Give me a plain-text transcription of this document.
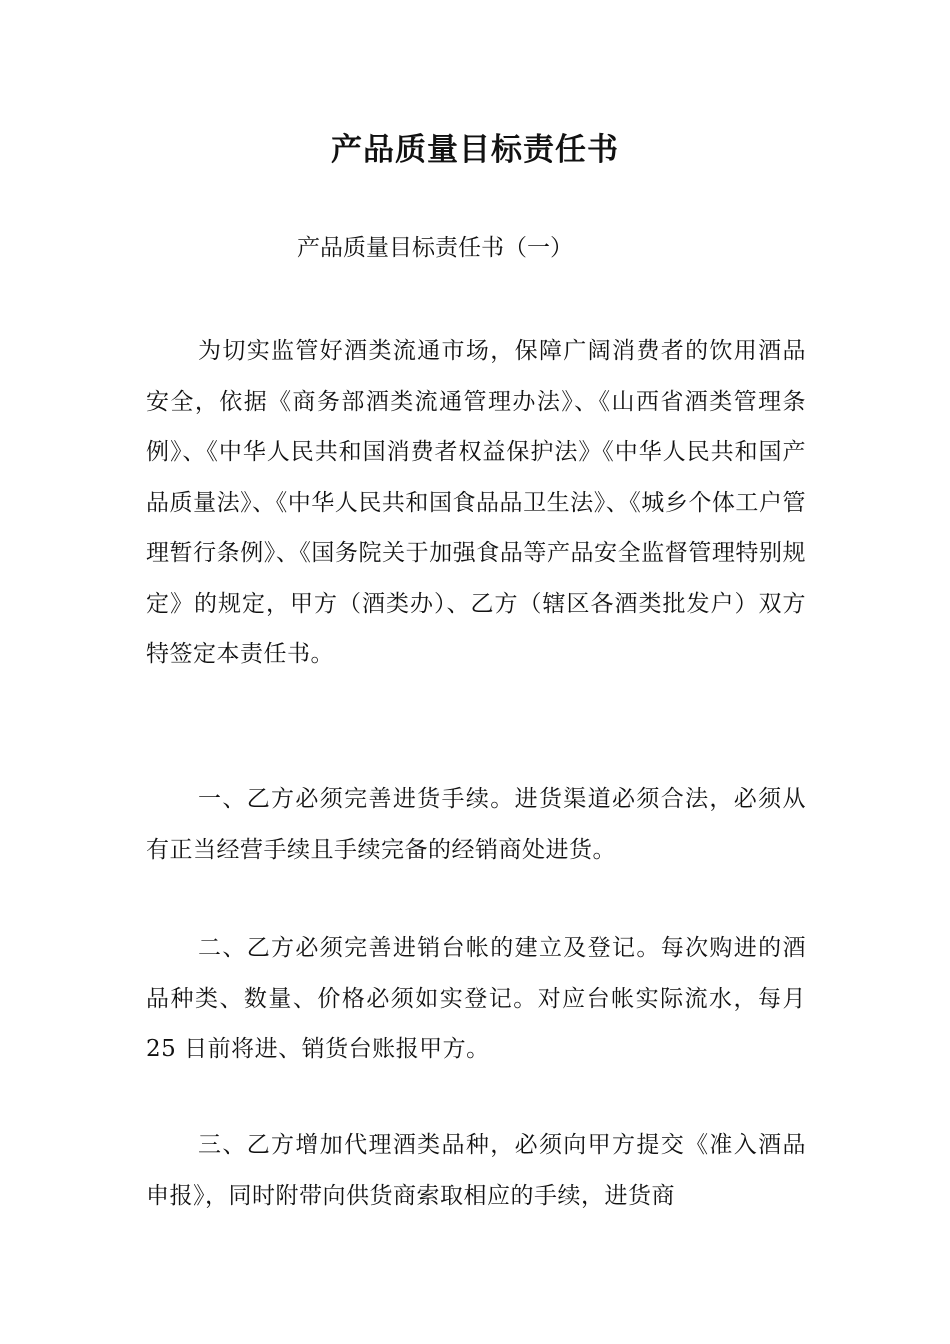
产品质量目标责任书
产品质量目标责任书（一）

为切实监管好酒类流通市场，保障广阔消费者的饮用酒品安全，依据《商务部酒类流通管理办法》、《山西省酒类管理条例》、《中华人民共和国消费者权益保护法》《中华人民共和国产品质量法》、《中华人民共和国食品品卫生法》、《城乡个体工户管理暂行条例》、《国务院关于加强食品等产品安全监督管理特别规定》的规定，甲方（酒类办）、乙方（辖区各酒类批发户）双方特签定本责任书。

一、乙方必须完善进货手续。进货渠道必须合法，必须从有正当经营手续且手续完备的经销商处进货。

二、乙方必须完善进销台帐的建立及登记。每次购进的酒品种类、数量、价格必须如实登记。对应台帐实际流水，每月25 日前将进、销货台账报甲方。

三、乙方增加代理酒类品种，必须向甲方提交《准入酒品申报》，同时附带向供货商索取相应的手续，进货商
